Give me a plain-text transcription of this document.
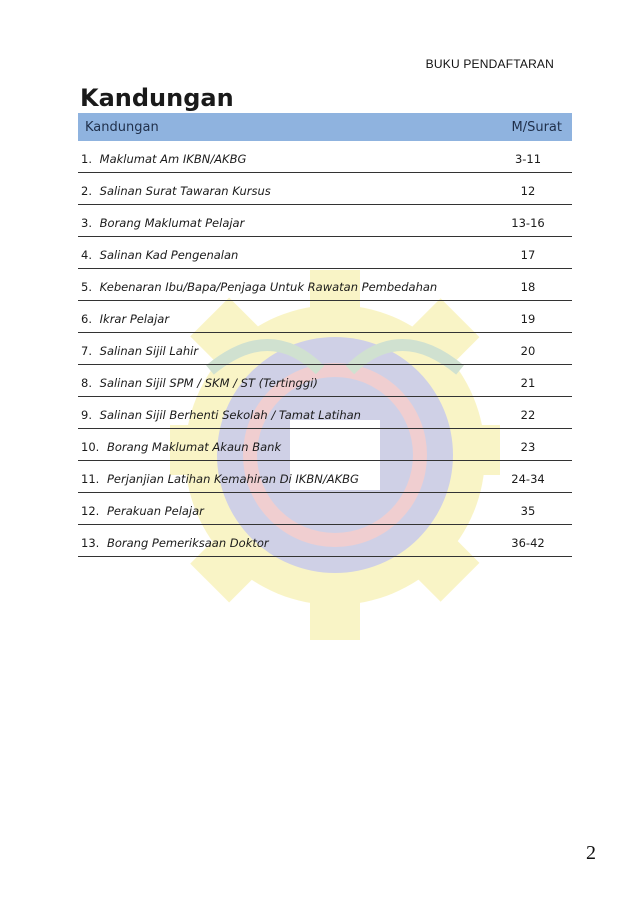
BUKU PENDAFTARAN
Kandungan
Kandungan	M/Surat
1. Maklumat Am IKBN/AKBG	3-11
2. Salinan Surat Tawaran Kursus	12
3. Borang Maklumat Pelajar	13-16
4. Salinan Kad Pengenalan	17
5. Kebenaran Ibu/Bapa/Penjaga Untuk Rawatan Pembedahan	18
6. Ikrar Pelajar	19
7. Salinan Sijil Lahir	20
8. Salinan Sijil SPM / SKM / ST (Tertinggi)	21
9. Salinan Sijil Berhenti Sekolah / Tamat Latihan	22
10. Borang Maklumat Akaun Bank	23
11. Perjanjian Latihan Kemahiran Di IKBN/AKBG	24-34
12. Perakuan Pelajar	35
13. Borang Pemeriksaan Doktor	36-42
2
